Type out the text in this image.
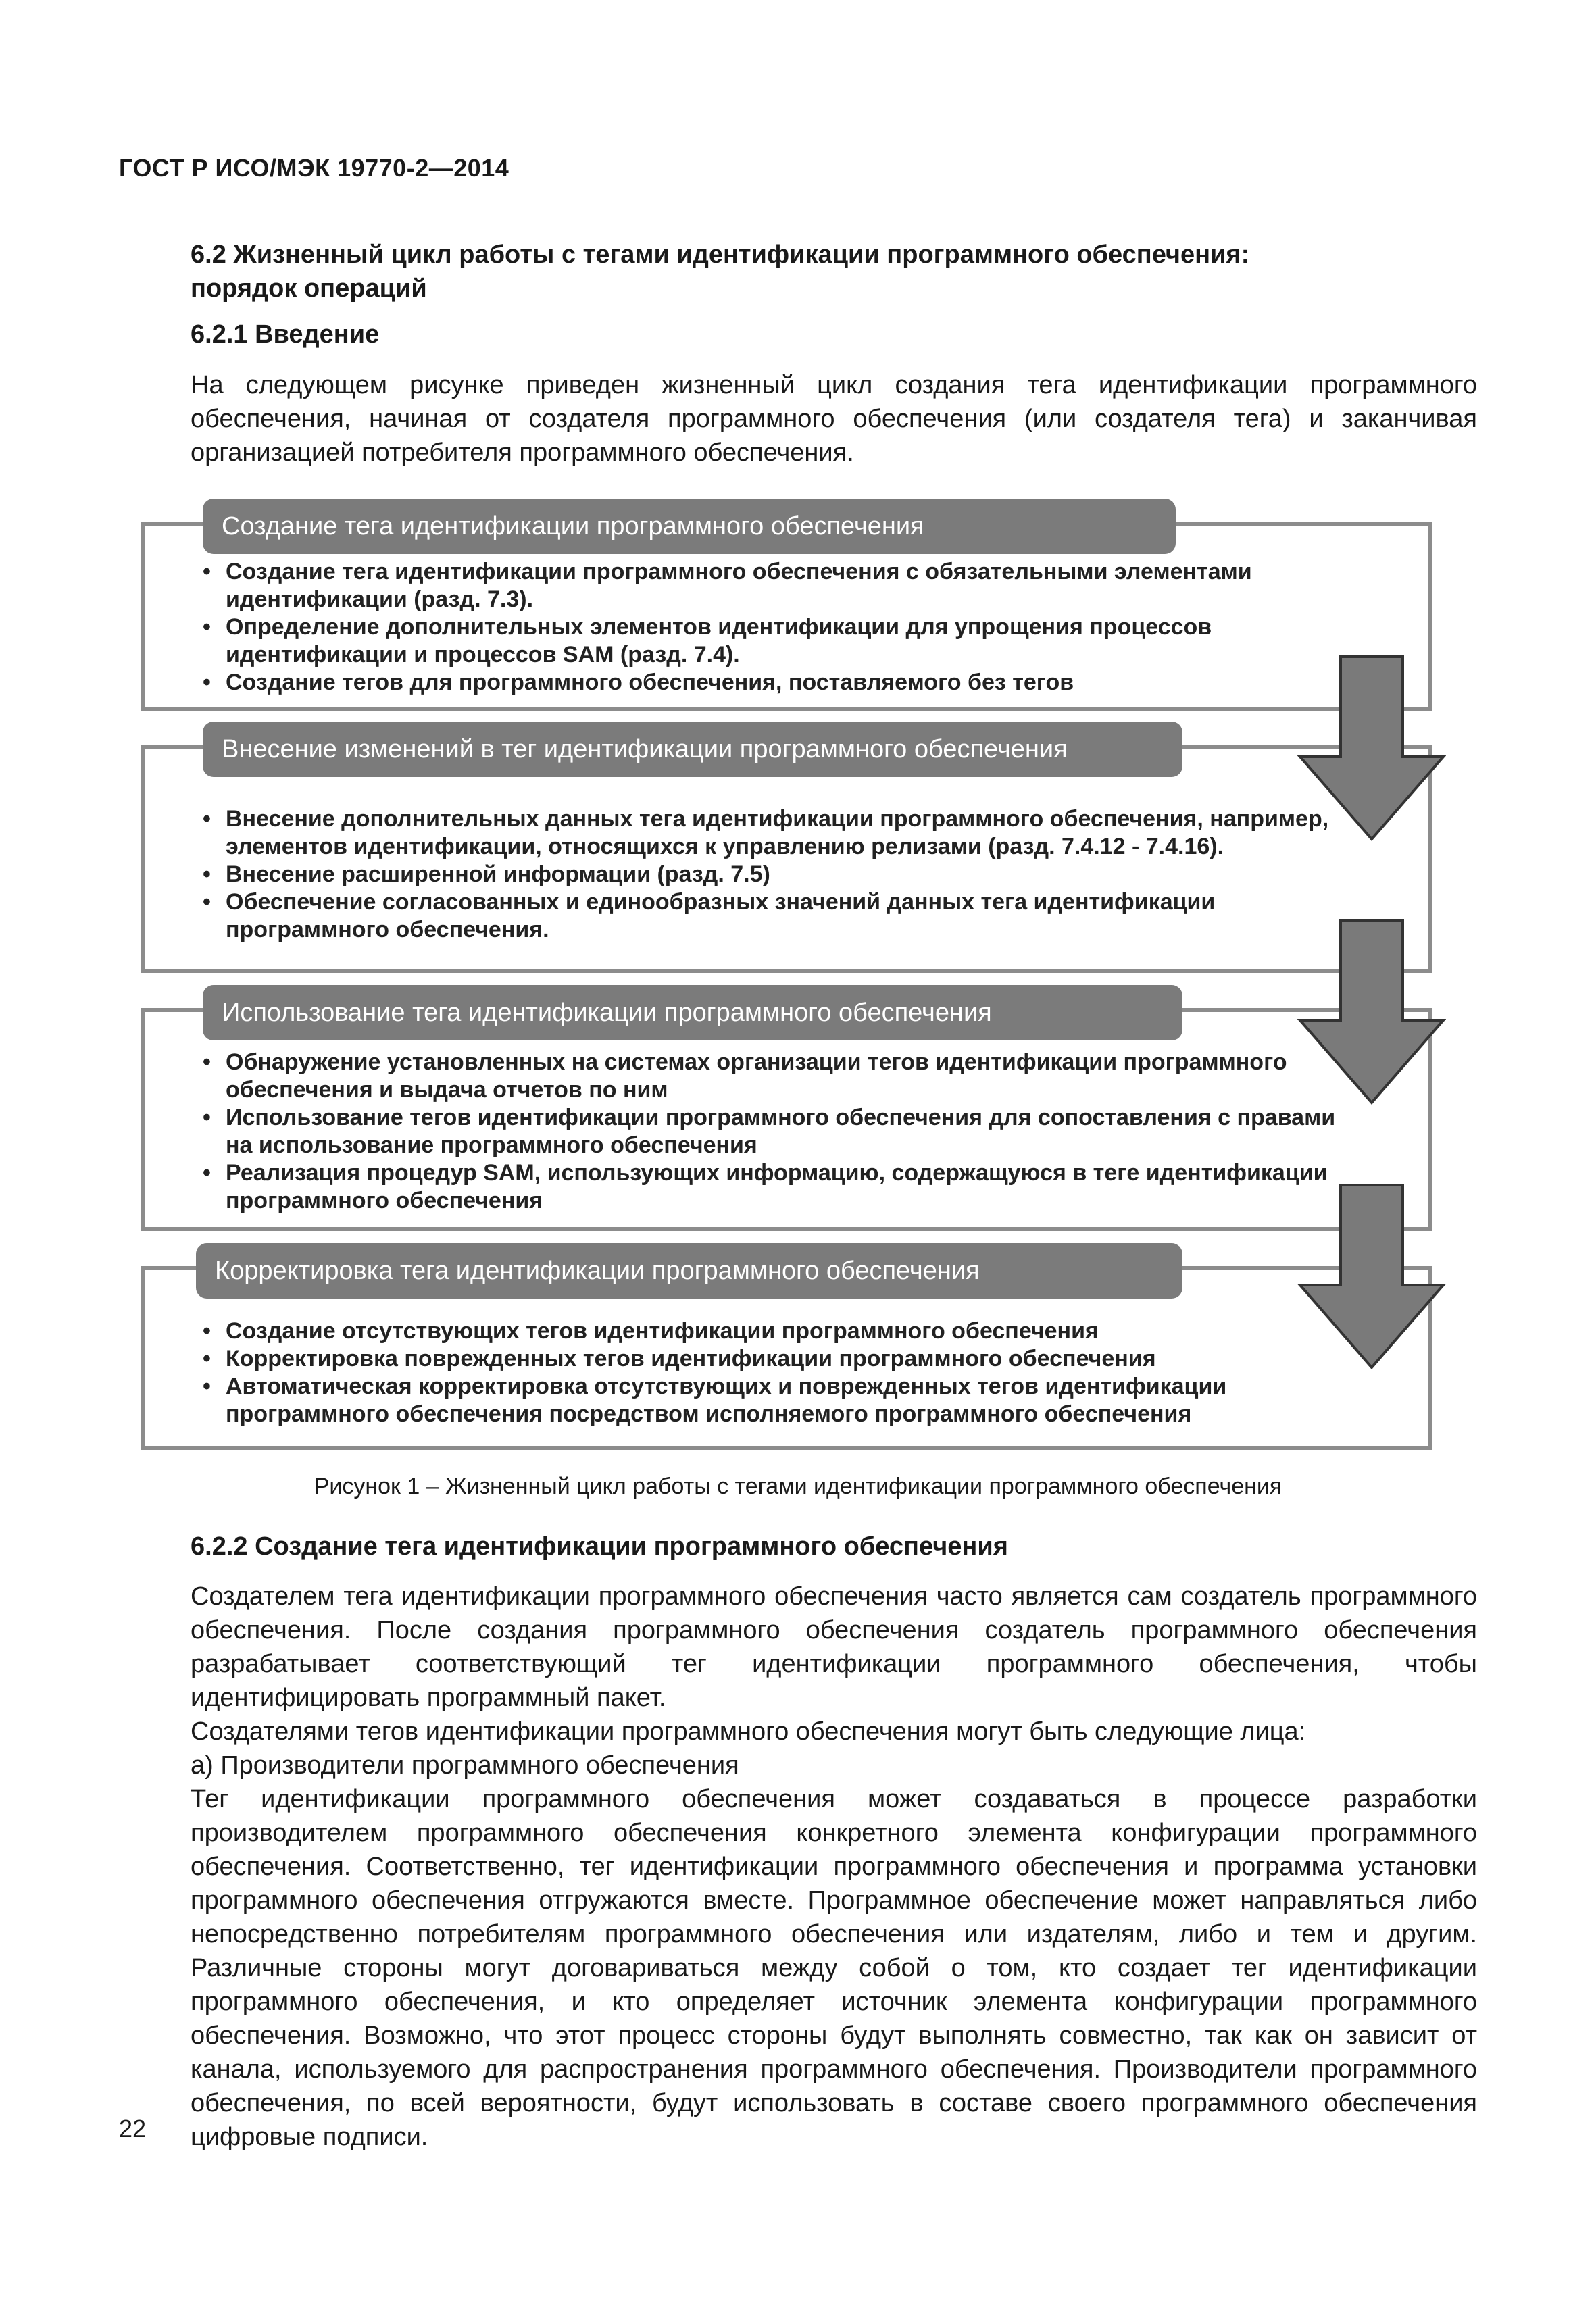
ГОСТ Р ИСО/МЭК 19770-2—2014
6.2 Жизненный цикл работы с тегами идентификации программного обеспечения:
порядок операций
6.2.1 Введение
На следующем рисунке приведен жизненный цикл создания тега идентификации программного обеспечения, начиная от создателя программного обеспечения (или создателя тега) и заканчивая организацией потребителя программного обеспечения.
Создание тега идентификации программного обеспечения
Внесение изменений в тег идентификации программного обеспечения
Использование тега идентификации программного обеспечения
Корректировка тега идентификации программного обеспечения
• Создание тега идентификации программного обеспечения с обязательными элементами идентификации (разд. 7.3).
• Определение дополнительных элементов идентификации для упрощения процессов идентификации и процессов SAM (разд. 7.4).
• Создание тегов для программного обеспечения, поставляемого без тегов
• Внесение дополнительных данных тега идентификации программного обеспечения, например, элементов идентификации, относящихся к управлению релизами (разд. 7.4.12 - 7.4.16).
• Внесение расширенной информации (разд. 7.5)
• Обеспечение согласованных и единообразных значений данных тега идентификации программного обеспечения.
• Обнаружение установленных на системах организации тегов идентификации программного обеспечения и выдача отчетов по ним
• Использование тегов идентификации программного обеспечения для сопоставления с правами на использование программного обеспечения
• Реализация процедур SAM, использующих информацию, содержащуюся в теге идентификации программного обеспечения
• Создание отсутствующих тегов идентификации программного обеспечения
• Корректировка поврежденных тегов идентификации программного обеспечения
• Автоматическая корректировка отсутствующих и поврежденных тегов идентификации программного обеспечения посредством исполняемого программного обеспечения
Рисунок 1 – Жизненный цикл работы с тегами идентификации программного обеспечения
6.2.2 Создание тега идентификации программного обеспечения
Создателем тега идентификации программного обеспечения часто является сам создатель программного обеспечения. После создания программного обеспечения создатель программного обеспечения разрабатывает соответствующий тег идентификации программного обеспечения, чтобы идентифицировать программный пакет.
Создателями тегов идентификации программного обеспечения могут быть следующие лица:
а) Производители программного обеспечения
Тег идентификации программного обеспечения может создаваться в процессе разработки производителем программного обеспечения конкретного элемента конфигурации программного обеспечения. Соответственно, тег идентификации программного обеспечения и программа установки программного обеспечения отгружаются вместе. Программное обеспечение может направляться либо непосредственно потребителям программного обеспечения или издателям, либо и тем и другим. Различные стороны могут договариваться между собой о том, кто создает тег идентификации программного обеспечения, и кто определяет источник элемента конфигурации программного обеспечения. Возможно, что этот процесс стороны будут выполнять совместно, так как он зависит от канала, используемого для распространения программного обеспечения. Производители программного обеспечения, по всей вероятности, будут использовать в составе своего программного обеспечения цифровые подписи.
22
